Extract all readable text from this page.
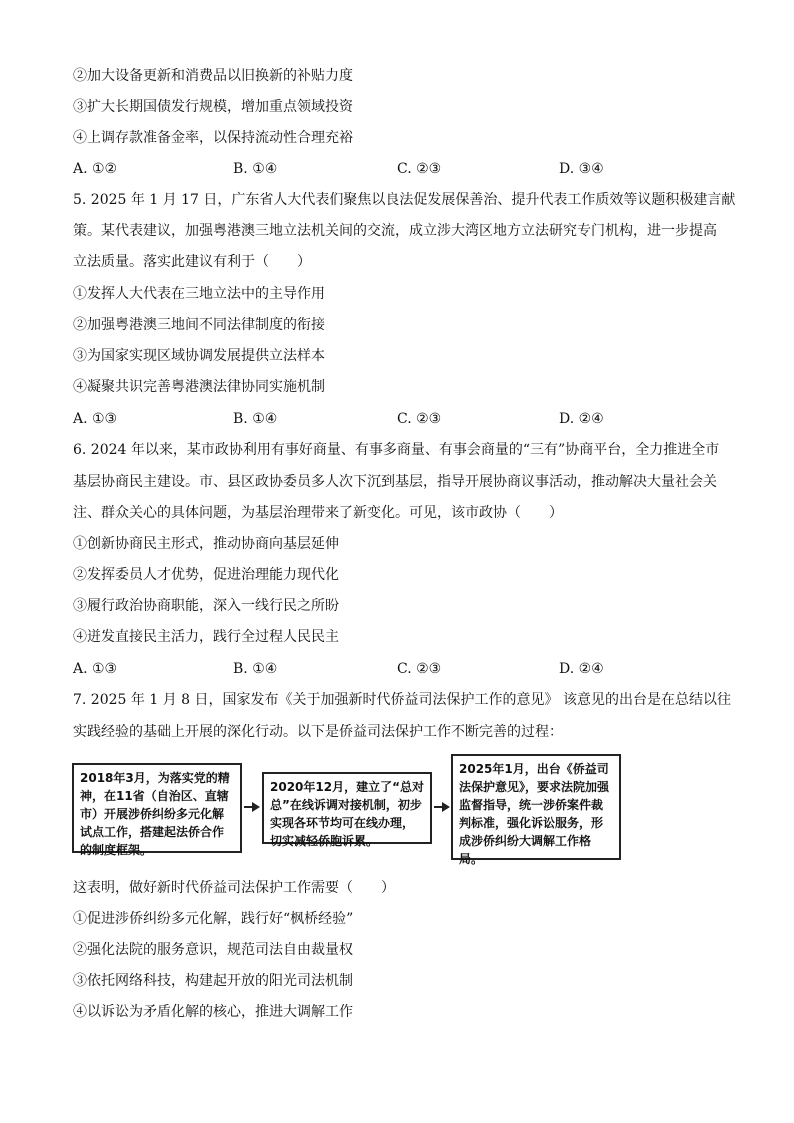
②加大设备更新和消费品以旧换新的补贴力度
③扩大长期国债发行规模，增加重点领域投资
④上调存款准备金率，以保持流动性合理充裕
A. ①②	B. ①④	C. ②③	D. ③④
5. 2025 年 1 月 17 日，广东省人大代表们聚焦以良法促发展保善治、提升代表工作质效等议题积极建言献
策。某代表建议，加强粤港澳三地立法机关间的交流，成立涉大湾区地方立法研究专门机构，进一步提高
立法质量。落实此建议有利于（　　）
①发挥人大代表在三地立法中的主导作用
②加强粤港澳三地间不同法律制度的衔接
③为国家实现区域协调发展提供立法样本
④凝聚共识完善粤港澳法律协同实施机制
A. ①③	B. ①④	C. ②③	D. ②④
6. 2024 年以来，某市政协利用有事好商量、有事多商量、有事会商量的“三有”协商平台，全力推进全市
基层协商民主建设。市、县区政协委员多人次下沉到基层，指导开展协商议事活动，推动解决大量社会关
注、群众关心的具体问题，为基层治理带来了新变化。可见，该市政协（　　）
①创新协商民主形式，推动协商向基层延伸
②发挥委员人才优势，促进治理能力现代化
③履行政治协商职能，深入一线行民之所盼
④迸发直接民主活力，践行全过程人民民主
A. ①③	B. ①④	C. ②③	D. ②④
7. 2025 年 1 月 8 日，国家发布《关于加强新时代侨益司法保护工作的意见》 该意见的出台是在总结以往
实践经验的基础上开展的深化行动。以下是侨益司法保护工作不断完善的过程：
2018年3月，为落实党的精神，在11省（自治区、直辖市）开展涉侨纠纷多元化解试点工作，搭建起法侨合作的制度框架。
2020年12月，建立了“总对总”在线诉调对接机制，初步实现各环节均可在线办理，切实减轻侨胞诉累。
2025年1月，出台《侨益司法保护意见》，要求法院加强监督指导，统一涉侨案件裁判标准，强化诉讼服务，形成涉侨纠纷大调解工作格局。
这表明，做好新时代侨益司法保护工作需要（　　）
①促进涉侨纠纷多元化解，践行好“枫桥经验”
②强化法院的服务意识，规范司法自由裁量权
③依托网络科技，构建起开放的阳光司法机制
④以诉讼为矛盾化解的核心，推进大调解工作
